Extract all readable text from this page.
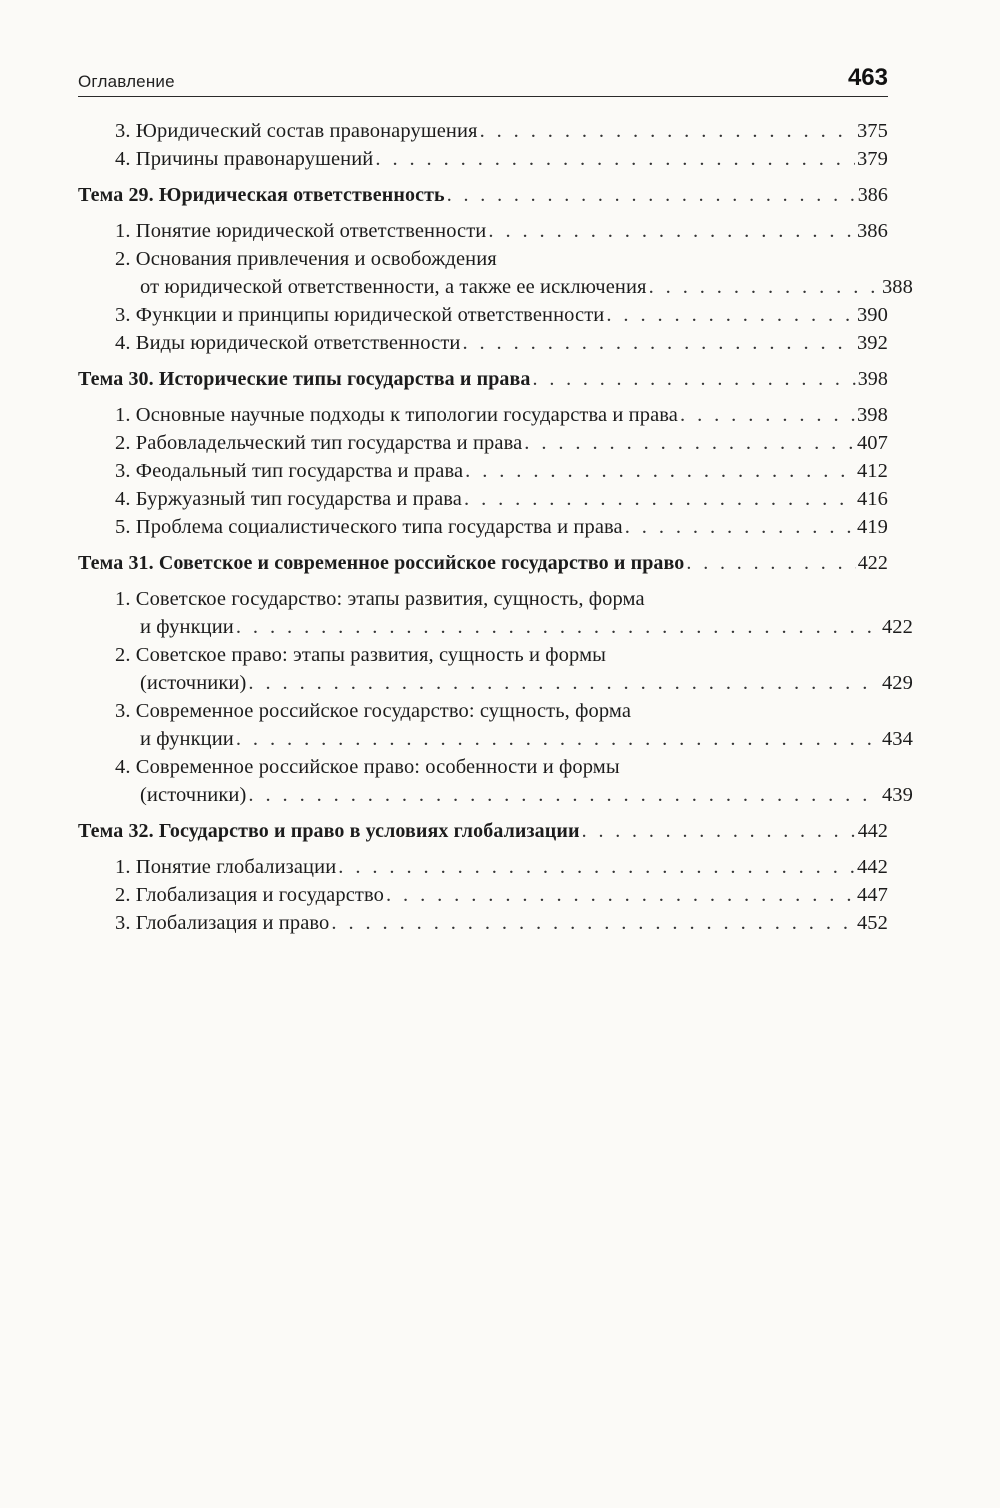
Оглавление	463
3. Юридический состав правонарушения . . .	375
4. Причины правонарушений . . .	379
Тема 29. Юридическая ответственность . . .	386
1. Понятие юридической ответственности . . .	386
2. Основания привлечения и освобождения
от юридической ответственности, а также ее исключения . . .	388
3. Функции и принципы юридической ответственности . . .	390
4. Виды юридической ответственности . . .	392
Тема 30. Исторические типы государства и права . . .	398
1. Основные научные подходы к типологии государства и права . . .	398
2. Рабовладельческий тип государства и права . . .	407
3. Феодальный тип государства и права . . .	412
4. Буржуазный тип государства и права . . .	416
5. Проблема социалистического типа государства и права . . .	419
Тема 31. Советское и современное российское государство и право . . .	422
1. Советское государство: этапы развития, сущность, форма
и функции . . .	422
2. Советское право: этапы развития, сущность и формы
(источники) . . .	429
3. Современное российское государство: сущность, форма
и функции . . .	434
4. Современное российское право: особенности и формы
(источники) . . .	439
Тема 32. Государство и право в условиях глобализации . . .	442
1. Понятие глобализации . . .	442
2. Глобализация и государство . . .	447
3. Глобализация и право . . .	452
